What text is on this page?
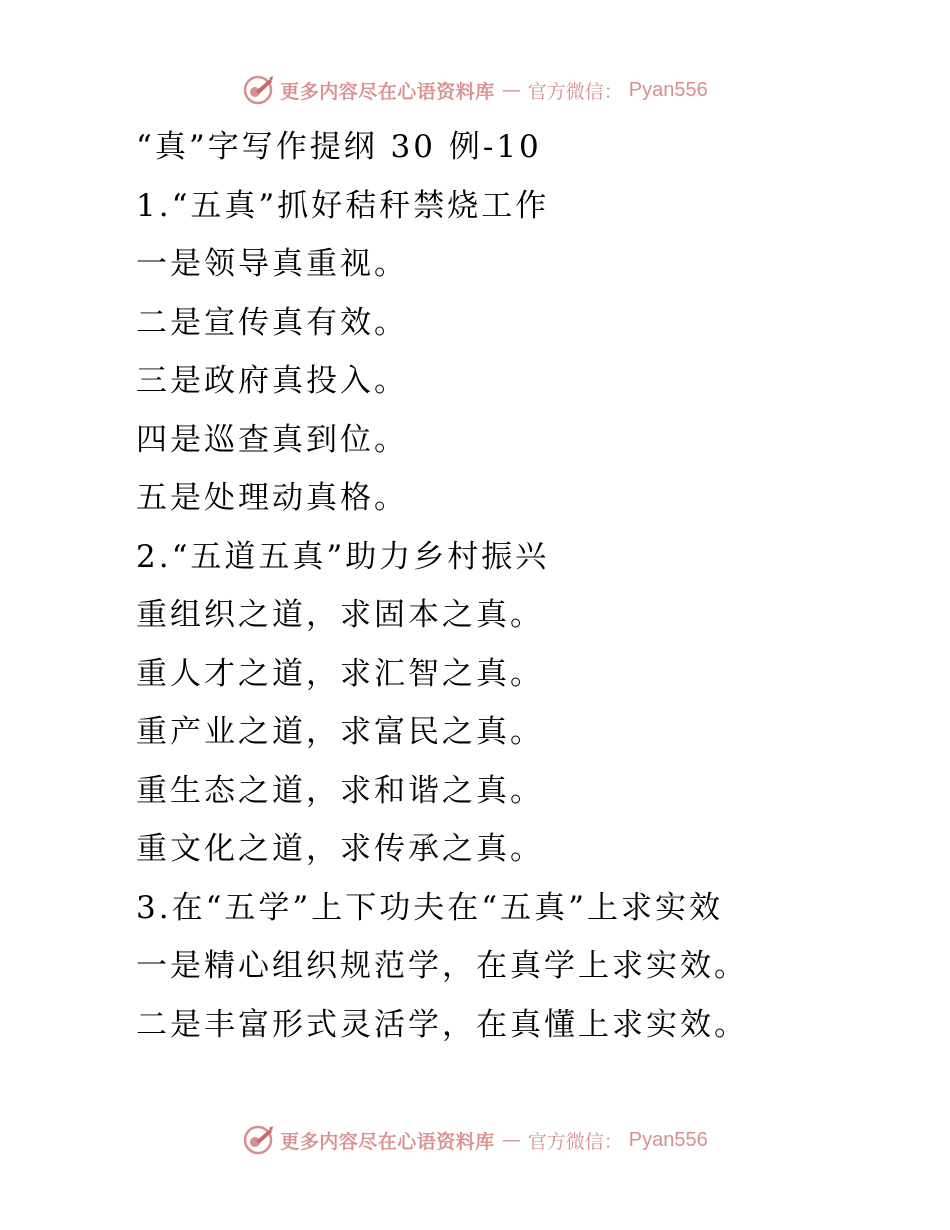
更多内容尽在心语资料库 — 官方微信： Pyan556
“真”字写作提纲 30 例-10
1.“五真”抓好秸秆禁烧工作
一是领导真重视。
二是宣传真有效。
三是政府真投入。
四是巡查真到位。
五是处理动真格。
2.“五道五真”助力乡村振兴
重组织之道，求固本之真。
重人才之道，求汇智之真。
重产业之道，求富民之真。
重生态之道，求和谐之真。
重文化之道，求传承之真。
3.在“五学”上下功夫在“五真”上求实效
一是精心组织规范学，在真学上求实效。
二是丰富形式灵活学，在真懂上求实效。
更多内容尽在心语资料库 — 官方微信： Pyan556
